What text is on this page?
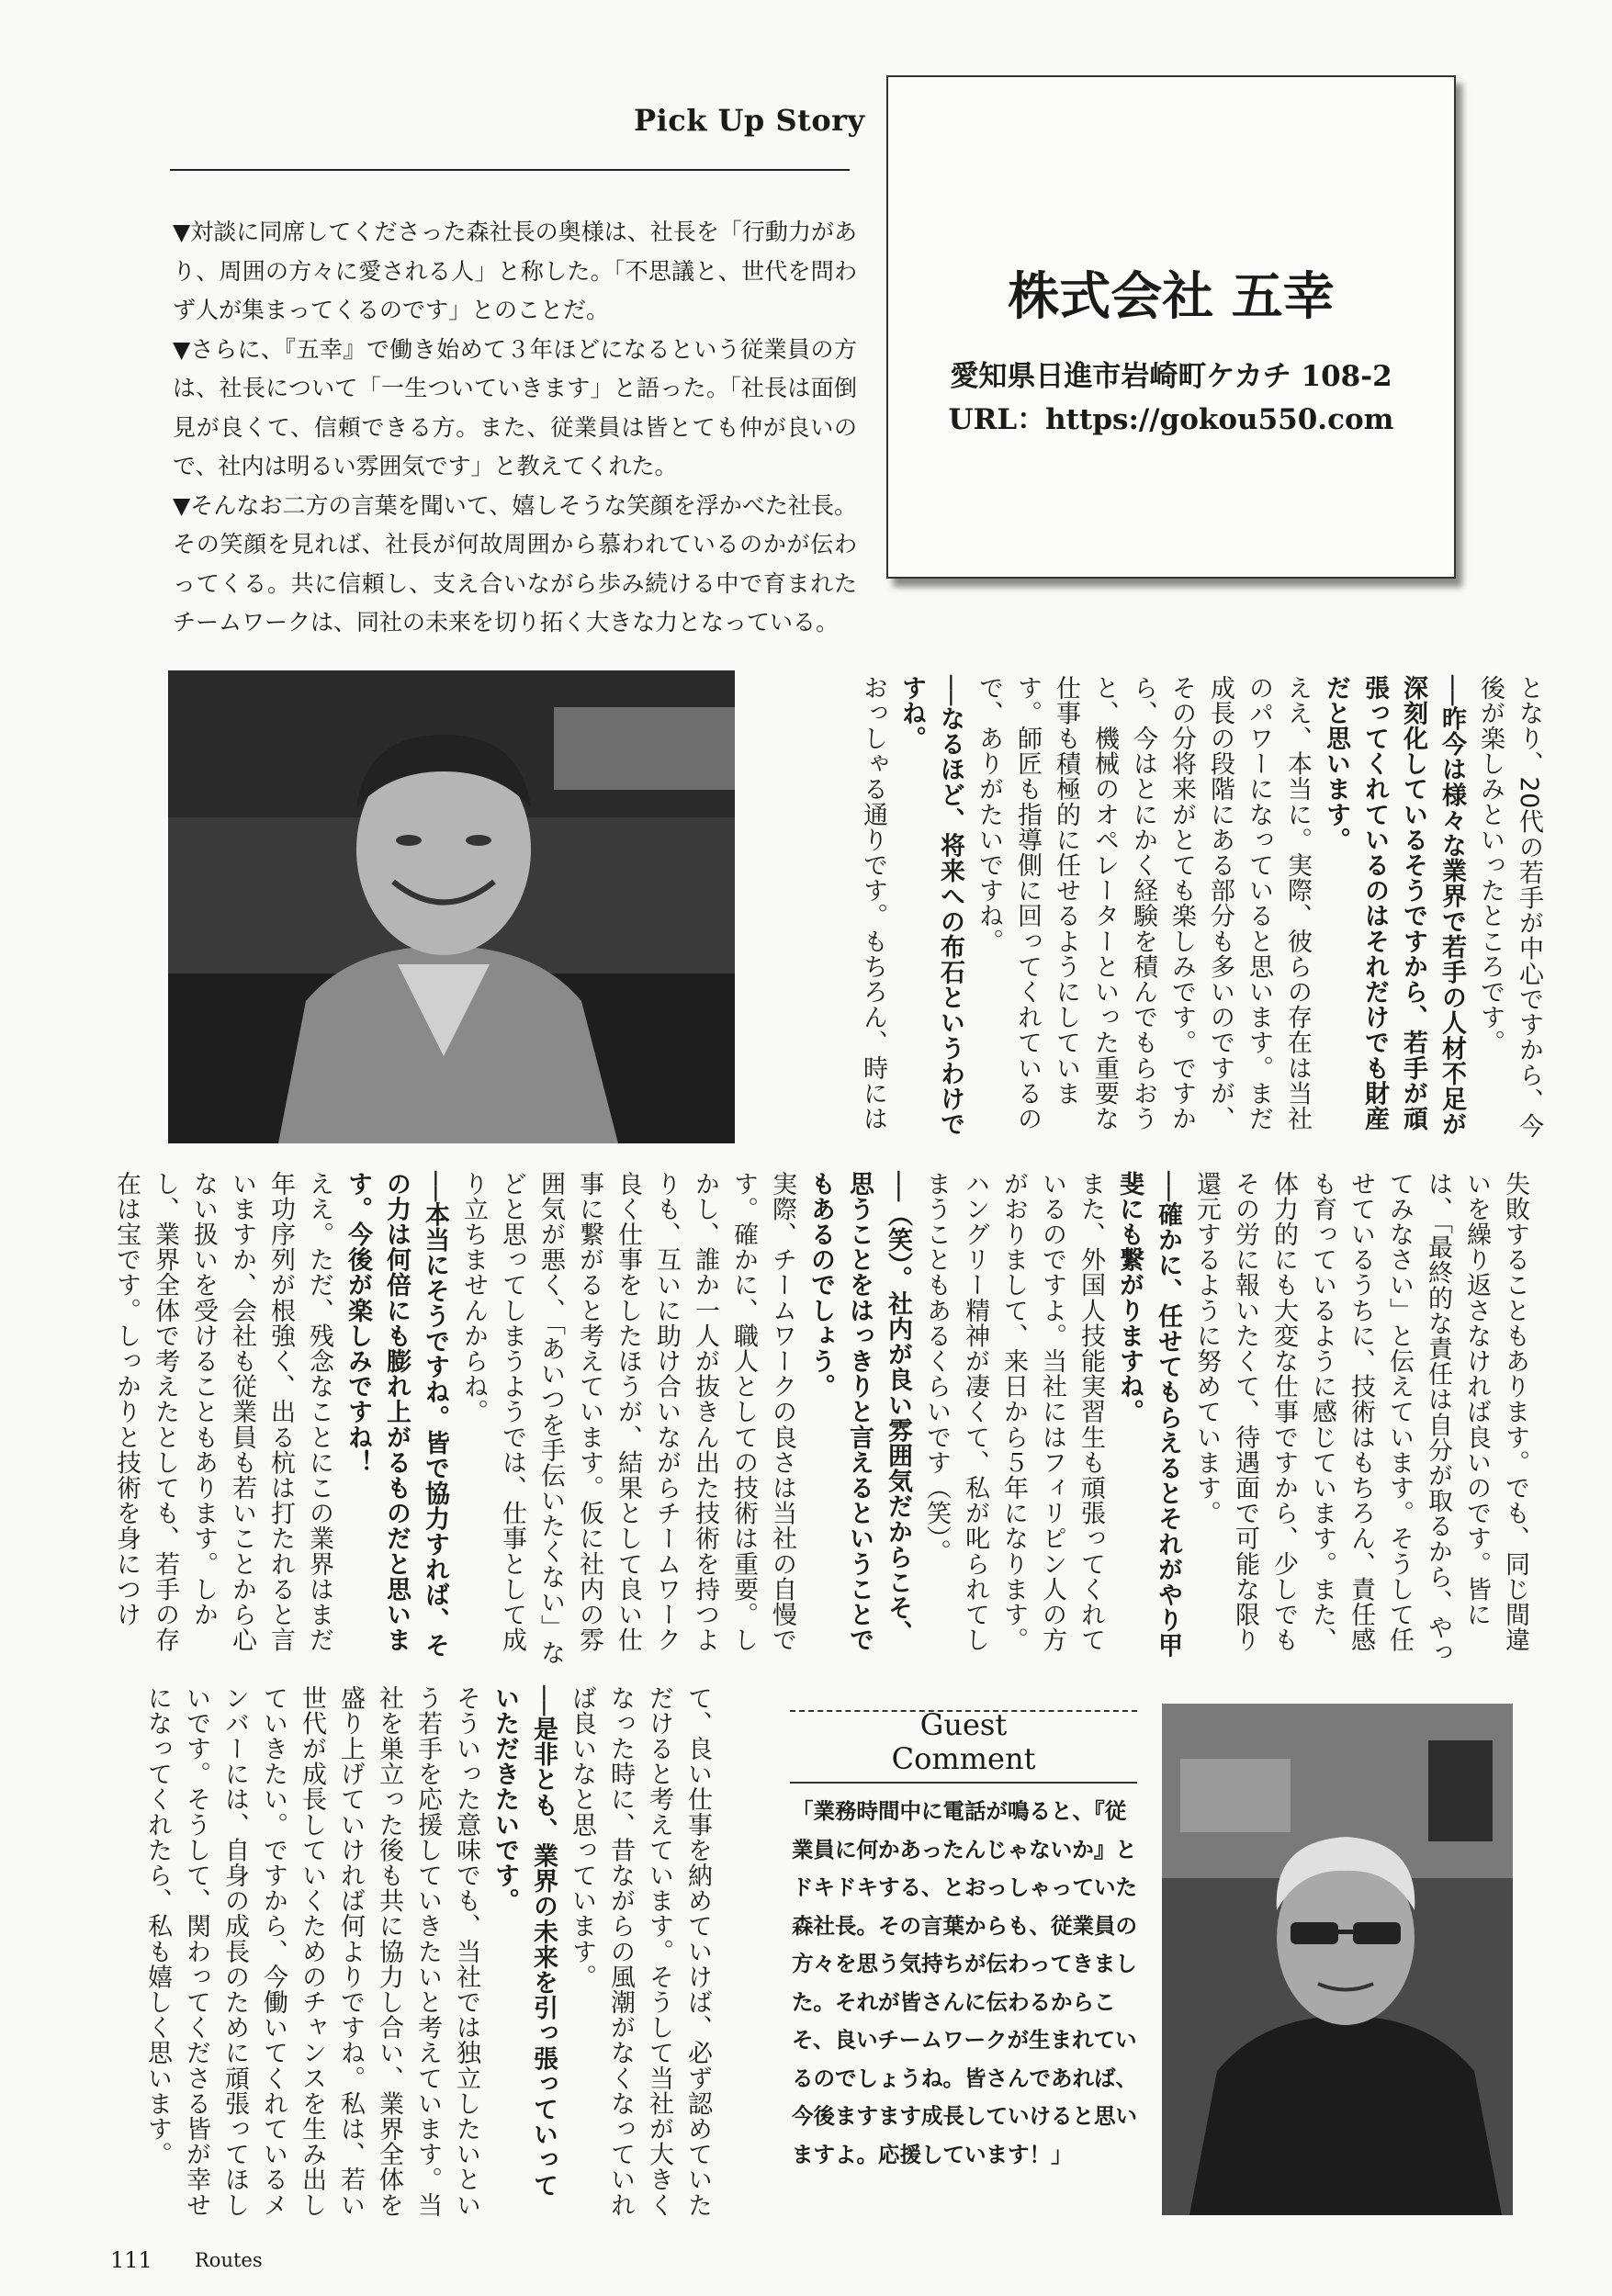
Pick Up Story

▼対談に同席してくださった森社長の奥様は、社長を「行動力があり、周囲の方々に愛される人」と称した。「不思議と、世代を問わず人が集まってくるのです」とのことだ。

▼さらに、『五幸』で働き始めて３年ほどになるという従業員の方は、社長について「一生ついていきます」と語った。「社長は面倒見が良くて、信頼できる方。また、従業員は皆とても仲が良いので、社内は明るい雰囲気です」と教えてくれた。

▼そんなお二方の言葉を聞いて、嬉しそうな笑顔を浮かべた社長。その笑顔を見れば、社長が何故周囲から慕われているのかが伝わってくる。共に信頼し、支え合いながら歩み続ける中で育まれたチームワークは、同社の未来を切り拓く大きな力となっている。

株式会社 五幸
愛知県日進市岩崎町ケカチ 108-2
URL：https://gokou550.com

となり、20代の若手が中心ですから、今後が楽しみといったところです。

──昨今は様々な業界で若手の人材不足が深刻化しているそうですから、若手が頑張ってくれているのはそれだけでも財産だと思います。

ええ、本当に。実際、彼らの存在は当社のパワーになっていると思います。まだ成長の段階にある部分も多いのですが、その分将来がとても楽しみです。ですから、今はとにかく経験を積んでもらおうと、機械のオペレーターといった重要な仕事も積極的に任せるようにしています。師匠も指導側に回ってくれているので、ありがたいですね。

──なるほど、将来への布石というわけですね。

おっしゃる通りです。もちろん、時には

失敗することもあります。でも、同じ間違いを繰り返さなければ良いのです。皆には、「最終的な責任は自分が取るから、やってみなさい」と伝えています。そうして任せているうちに、技術はもちろん、責任感も育っているように感じています。また、体力的にも大変な仕事ですから、少しでもその労に報いたくて、待遇面で可能な限り還元するように努めています。

──確かに、任せてもらえるとそれがやり甲斐にも繋がりますね。

また、外国人技能実習生も頑張ってくれているのですよ。当社にはフィリピン人の方がおりまして、来日から５年になります。ハングリー精神が凄くて、私が叱られてしまうこともあるくらいです（笑）。

──（笑）。社内が良い雰囲気だからこそ、思うことをはっきりと言えるということでもあるのでしょう。

実際、チームワークの良さは当社の自慢です。確かに、職人としての技術は重要。しかし、誰か一人が抜きん出た技術を持つよりも、互いに助け合いながらチームワーク良く仕事をしたほうが、結果として良い仕事に繋がると考えています。仮に社内の雰囲気が悪く、「あいつを手伝いたくない」などと思ってしまうようでは、仕事として成り立ちませんからね。

──本当にそうですね。皆で協力すれば、その力は何倍にも膨れ上がるものだと思います。今後が楽しみですね！

ええ。ただ、残念なことにこの業界はまだ年功序列が根強く、出る杭は打たれると言いますか、会社も従業員も若いことから心ない扱いを受けることもあります。しかし、業界全体で考えたとしても、若手の存在は宝です。しっかりと技術を身につけ

て、良い仕事を納めていけば、必ず認めていただけると考えています。そうして当社が大きくなった時に、昔ながらの風潮がなくなっていれば良いなと思っています。

──是非とも、業界の未来を引っ張っていっていただきたいです。

そういった意味でも、当社では独立したいという若手を応援していきたいと考えています。当社を巣立った後も共に協力し合い、業界全体を盛り上げていければ何よりですね。私は、若い世代が成長していくためのチャンスを生み出していきたい。ですから、今働いてくれているメンバーには、自身の成長のために頑張ってほしいです。そうして、関わってくださる皆が幸せになってくれたら、私も嬉しく思います。	Guest
Comment
「業務時間中に電話が鳴ると、『従業員に何かあったんじゃないか』とドキドキする、とおっしゃっていた森社長。その言葉からも、従業員の方々を思う気持ちが伝わってきました。それが皆さんに伝わるからこそ、良いチームワークが生まれているのでしょうね。皆さんであれば、今後ますます成長していけると思いますよ。応援しています！」
111 Routes
